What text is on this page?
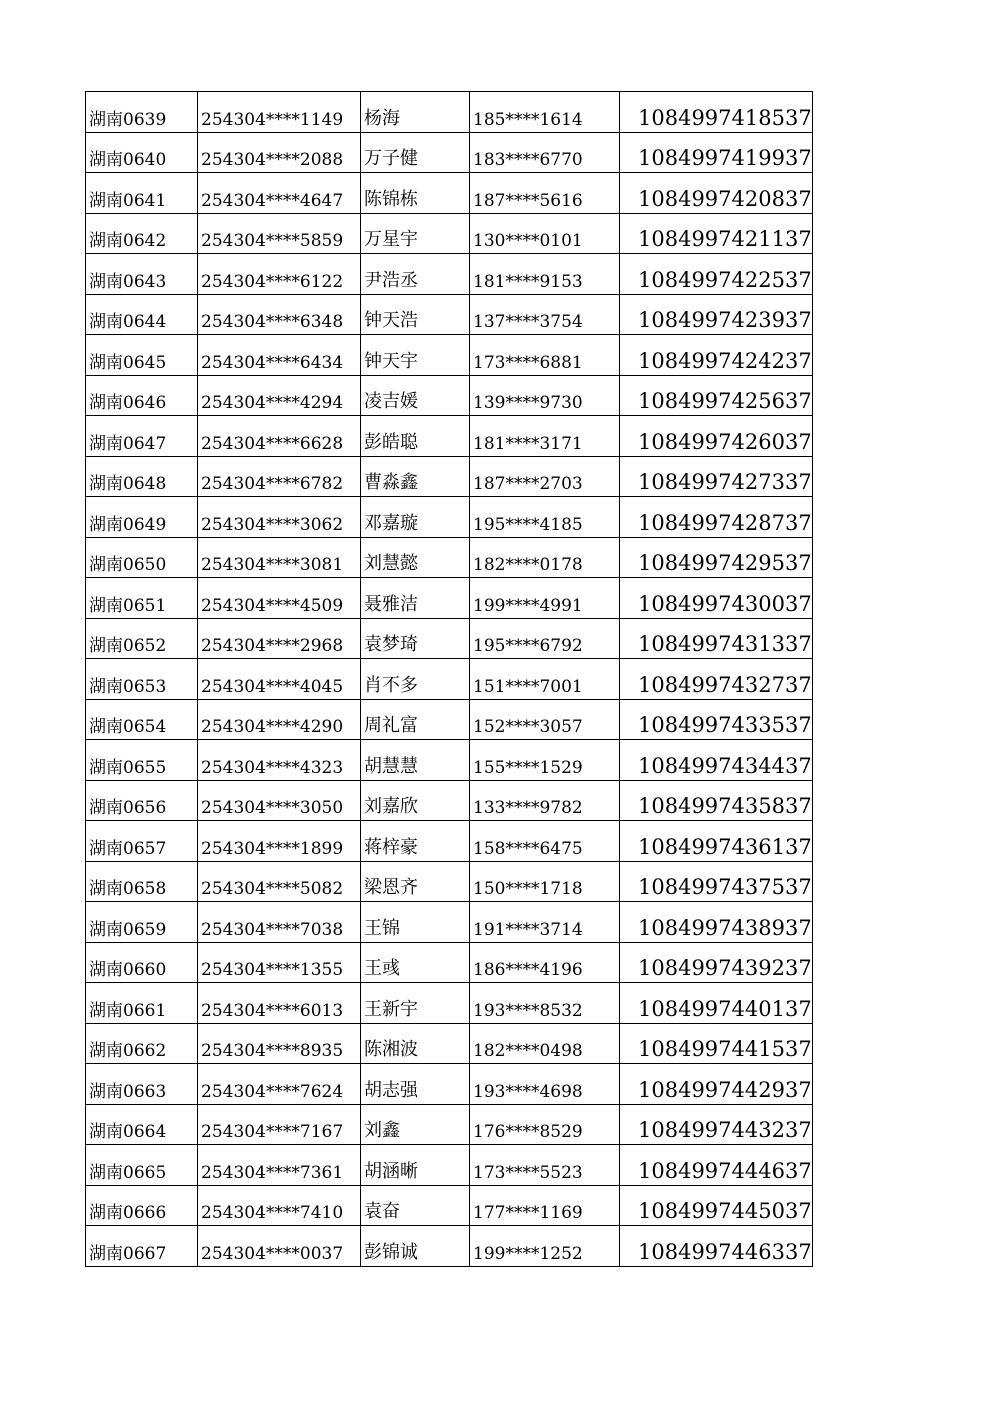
湖南0639	254304****1149	杨海	185****1614	1084997418537
湖南0640	254304****2088	万子健	183****6770	1084997419937
湖南0641	254304****4647	陈锦栋	187****5616	1084997420837
湖南0642	254304****5859	万星宇	130****0101	1084997421137
湖南0643	254304****6122	尹浩丞	181****9153	1084997422537
湖南0644	254304****6348	钟天浩	137****3754	1084997423937
湖南0645	254304****6434	钟天宇	173****6881	1084997424237
湖南0646	254304****4294	凌吉媛	139****9730	1084997425637
湖南0647	254304****6628	彭皓聪	181****3171	1084997426037
湖南0648	254304****6782	曹淼鑫	187****2703	1084997427337
湖南0649	254304****3062	邓嘉璇	195****4185	1084997428737
湖南0650	254304****3081	刘慧懿	182****0178	1084997429537
湖南0651	254304****4509	聂雅洁	199****4991	1084997430037
湖南0652	254304****2968	袁梦琦	195****6792	1084997431337
湖南0653	254304****4045	肖不多	151****7001	1084997432737
湖南0654	254304****4290	周礼富	152****3057	1084997433537
湖南0655	254304****4323	胡慧慧	155****1529	1084997434437
湖南0656	254304****3050	刘嘉欣	133****9782	1084997435837
湖南0657	254304****1899	蒋梓豪	158****6475	1084997436137
湖南0658	254304****5082	梁恩齐	150****1718	1084997437537
湖南0659	254304****7038	王锦	191****3714	1084997438937
湖南0660	254304****1355	王彧	186****4196	1084997439237
湖南0661	254304****6013	王新宇	193****8532	1084997440137
湖南0662	254304****8935	陈湘波	182****0498	1084997441537
湖南0663	254304****7624	胡志强	193****4698	1084997442937
湖南0664	254304****7167	刘鑫	176****8529	1084997443237
湖南0665	254304****7361	胡涵晰	173****5523	1084997444637
湖南0666	254304****7410	袁奋	177****1169	1084997445037
湖南0667	254304****0037	彭锦诚	199****1252	1084997446337
